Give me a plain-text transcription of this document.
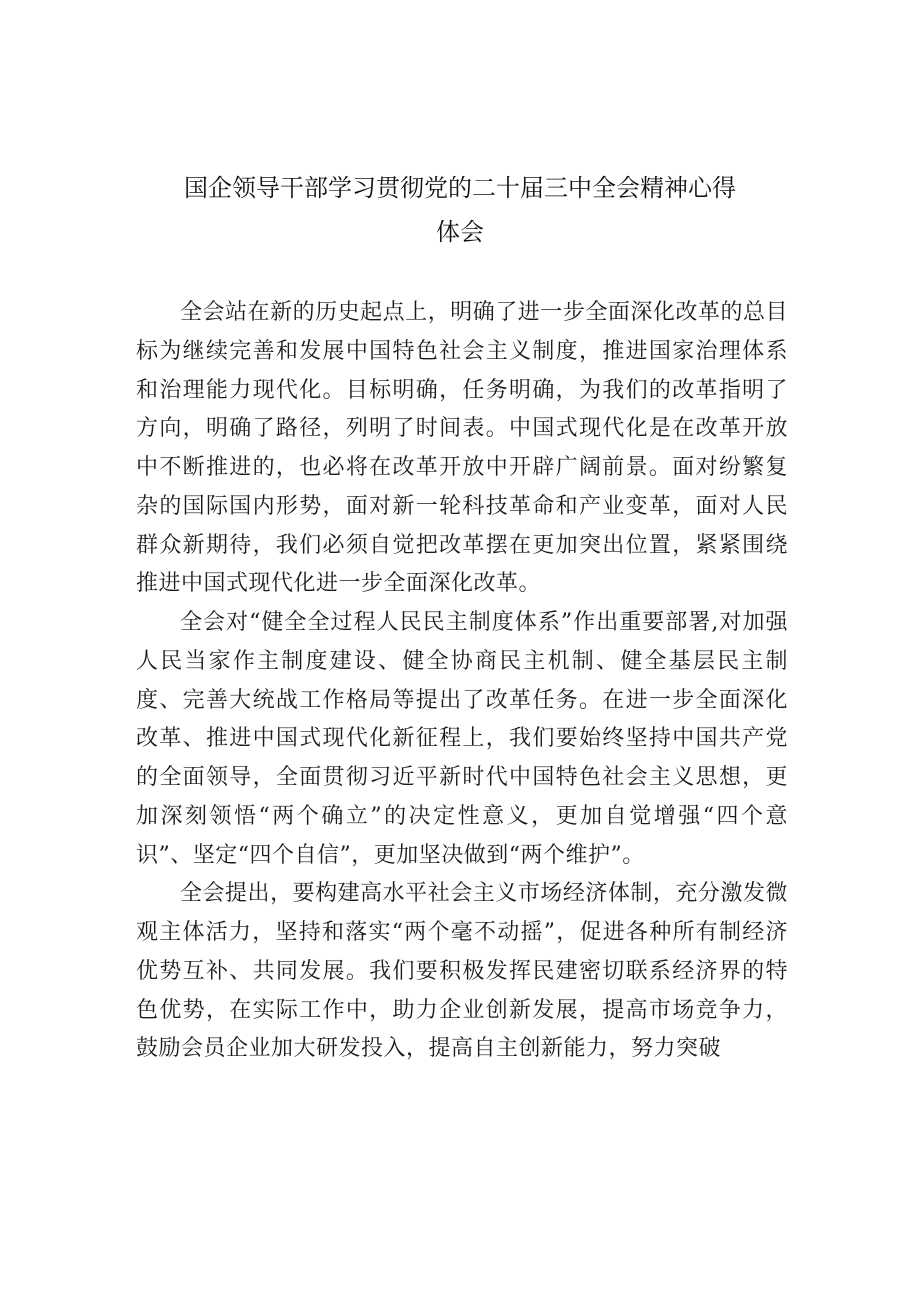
国企领导干部学习贯彻党的二十届三中全会精神心得
体会

全会站在新的历史起点上，明确了进一步全面深化改革的总目标为继续完善和发展中国特色社会主义制度，推进国家治理体系和治理能力现代化。目标明确，任务明确，为我们的改革指明了方向，明确了路径，列明了时间表。中国式现代化是在改革开放中不断推进的，也必将在改革开放中开辟广阔前景。面对纷繁复杂的国际国内形势，面对新一轮科技革命和产业变革，面对人民群众新期待，我们必须自觉把改革摆在更加突出位置，紧紧围绕推进中国式现代化进一步全面深化改革。

全会对“健全全过程人民民主制度体系”作出重要部署,对加强人民当家作主制度建设、健全协商民主机制、健全基层民主制度、完善大统战工作格局等提出了改革任务。在进一步全面深化改革、推进中国式现代化新征程上，我们要始终坚持中国共产党的全面领导，全面贯彻习近平新时代中国特色社会主义思想，更加深刻领悟“两个确立”的决定性意义，更加自觉增强“四个意识”、坚定“四个自信”，更加坚决做到“两个维护”。

全会提出，要构建高水平社会主义市场经济体制，充分激发微观主体活力，坚持和落实“两个毫不动摇”，促进各种所有制经济优势互补、共同发展。我们要积极发挥民建密切联系经济界的特色优势，在实际工作中，助力企业创新发展，提高市场竞争力，鼓励会员企业加大研发投入，提高自主创新能力，努力突破
